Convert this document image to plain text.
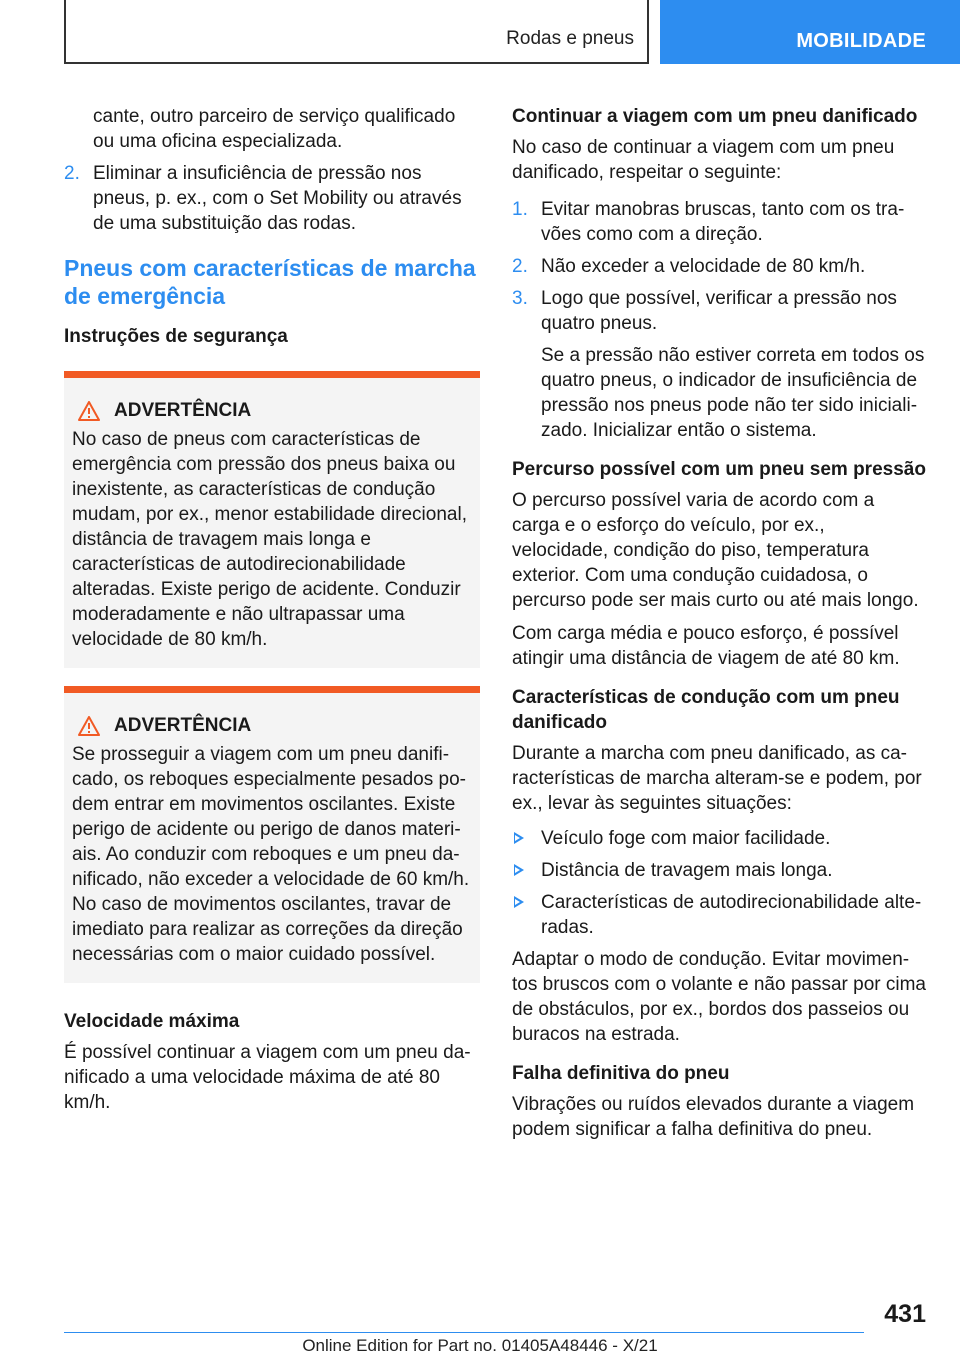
Rodas e pneus	MOBILIDADE
cante, outro parceiro de serviço qualificado ou uma oficina especializada.
2. Eliminar a insuficiência de pressão nos pneus, p. ex., com o Set Mobility ou através de uma substituição das rodas.
Pneus com características de marcha de emergência
Instruções de segurança
ADVERTÊNCIA
No caso de pneus com características de emergência com pressão dos pneus baixa ou inexistente, as características de condução mudam, por ex., menor estabilidade direcional, distância de travagem mais longa e características de autodirecionabilidade alteradas. Existe perigo de acidente. Conduzir moderadamente e não ultrapassar uma velocidade de 80 km/h.
ADVERTÊNCIA
Se prosseguir a viagem com um pneu danificado, os reboques especialmente pesados podem entrar em movimentos oscilantes. Existe perigo de acidente ou perigo de danos materiais. Ao conduzir com reboques e um pneu danificado, não exceder a velocidade de 60 km/h. No caso de movimentos oscilantes, travar de imediato para realizar as correções da direção necessárias com o maior cuidado possível.
Velocidade máxima

É possível continuar a viagem com um pneu danificado a uma velocidade máxima de até 80 km/h.

Continuar a viagem com um pneu danificado

No caso de continuar a viagem com um pneu danificado, respeitar o seguinte:

1. Evitar manobras bruscas, tanto com os travões como com a direção.
2. Não exceder a velocidade de 80 km/h.
3. Logo que possível, verificar a pressão nos quatro pneus.
Se a pressão não estiver correta em todos os quatro pneus, o indicador de insuficiência de pressão nos pneus pode não ter sido inicializado. Inicializar então o sistema.
Percurso possível com um pneu sem pressão

O percurso possível varia de acordo com a carga e o esforço do veículo, por ex., velocidade, condição do piso, temperatura exterior. Com uma condução cuidadosa, o percurso pode ser mais curto ou até mais longo.

Com carga média e pouco esforço, é possível atingir uma distância de viagem de até 80 km.

Características de condução com um pneu danificado

Durante a marcha com pneu danificado, as características de marcha alteram-se e podem, por ex., levar às seguintes situações:

Veículo foge com maior facilidade.
Distância de travagem mais longa.
Características de autodirecionabilidade alteradas.

Adaptar o modo de condução. Evitar movimentos bruscos com o volante e não passar por cima de obstáculos, por ex., bordos dos passeios ou buracos na estrada.

Falha definitiva do pneu

Vibrações ou ruídos elevados durante a viagem podem significar a falha definitiva do pneu.

431
Online Edition for Part no. 01405A48446 - X/21
